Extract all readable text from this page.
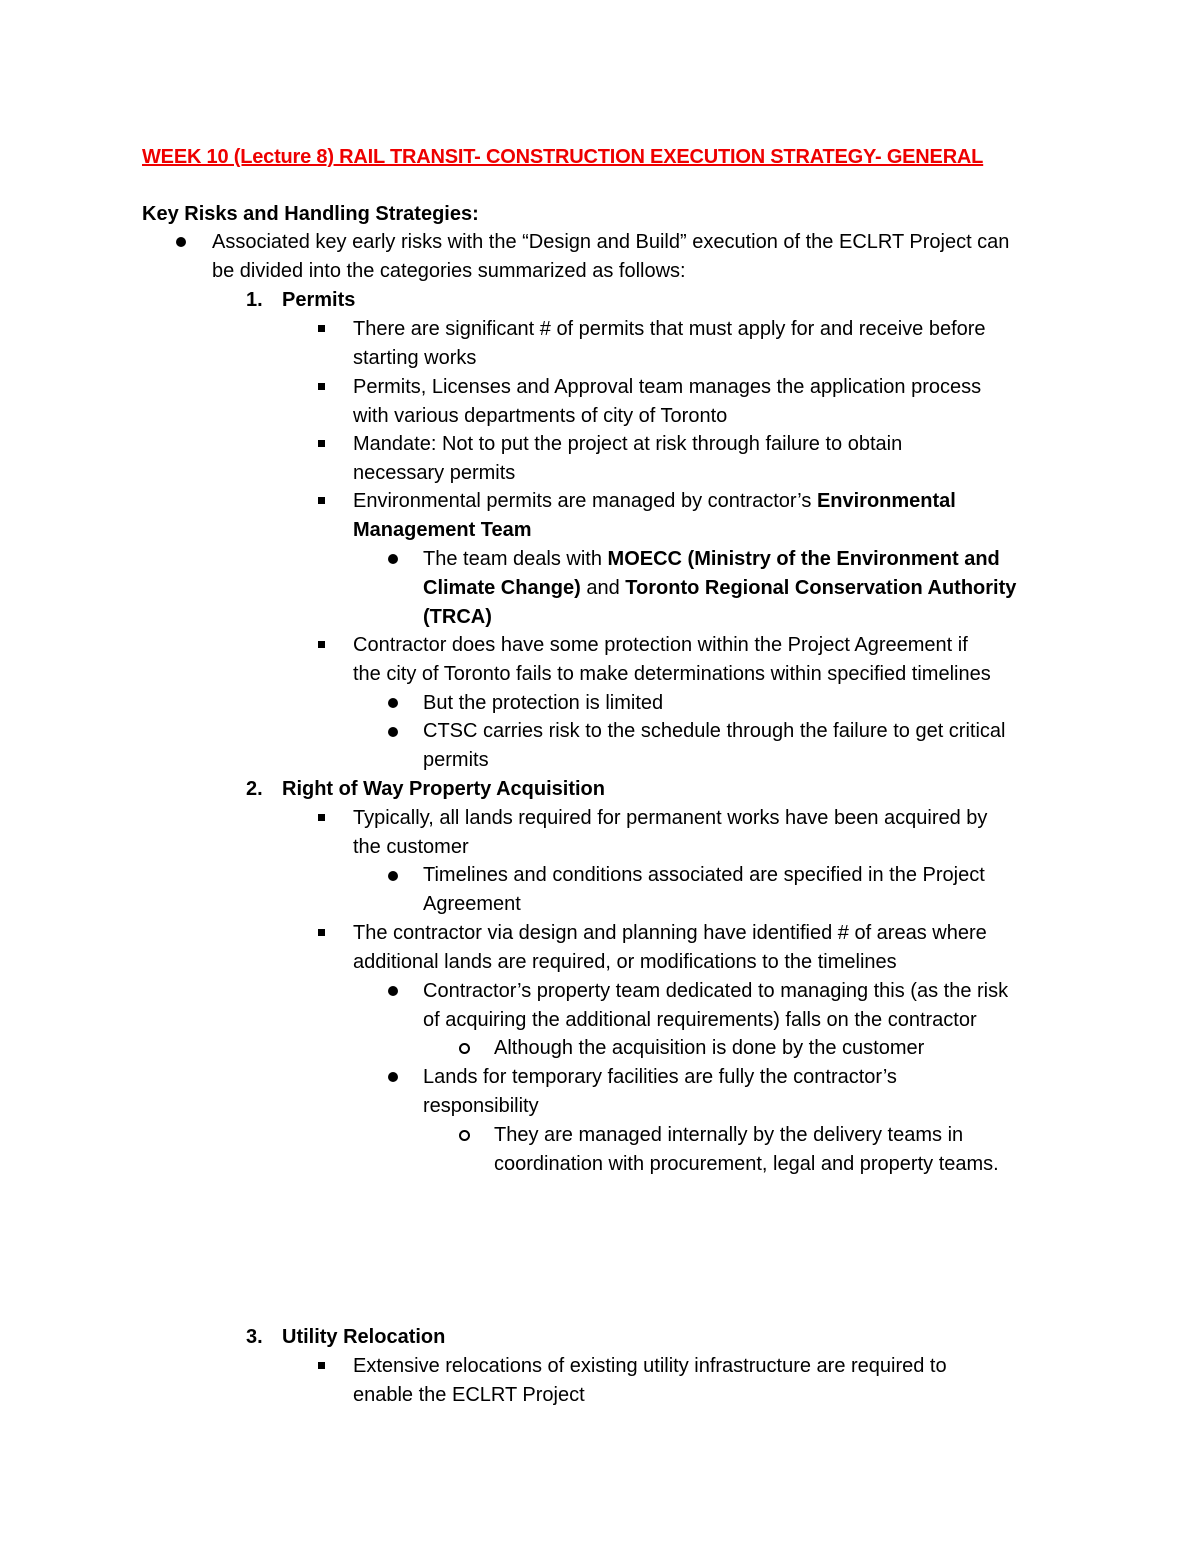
WEEK 10 (Lecture 8) RAIL TRANSIT- CONSTRUCTION EXECUTION STRATEGY- GENERAL
Key Risks and Handling Strategies:
Associated key early risks with the “Design and Build” execution of the ECLRT Project can
be divided into the categories summarized as follows:
1. Permits
There are significant # of permits that must apply for and receive before
starting works
Permits, Licenses and Approval team manages the application process
with various departments of city of Toronto
Mandate: Not to put the project at risk through failure to obtain
necessary permits
Environmental permits are managed by contractor’s Environmental
Management Team
The team deals with MOECC (Ministry of the Environment and
Climate Change) and Toronto Regional Conservation Authority
(TRCA)
Contractor does have some protection within the Project Agreement if
the city of Toronto fails to make determinations within specified timelines
But the protection is limited
CTSC carries risk to the schedule through the failure to get critical
permits
2. Right of Way Property Acquisition
Typically, all lands required for permanent works have been acquired by
the customer
Timelines and conditions associated are specified in the Project
Agreement
The contractor via design and planning have identified # of areas where
additional lands are required, or modifications to the timelines
Contractor’s property team dedicated to managing this (as the risk
of acquiring the additional requirements) falls on the contractor
Although the acquisition is done by the customer
Lands for temporary facilities are fully the contractor’s
responsibility
They are managed internally by the delivery teams in
coordination with procurement, legal and property teams.
3. Utility Relocation
Extensive relocations of existing utility infrastructure are required to
enable the ECLRT Project
